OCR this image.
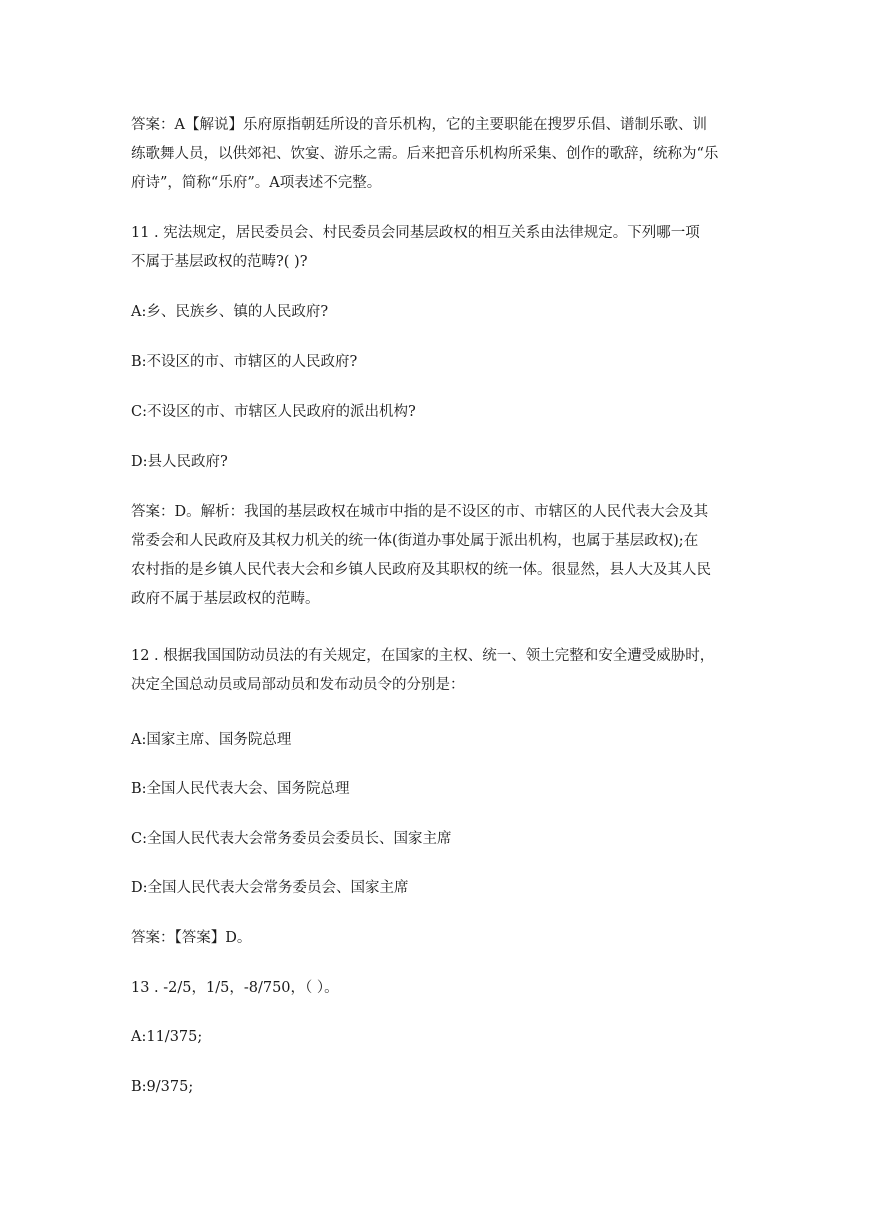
答案：A【解说】乐府原指朝廷所设的音乐机构，它的主要职能在搜罗乐倡、谱制乐歌、训
练歌舞人员，以供郊祀、饮宴、游乐之需。后来把音乐机构所采集、创作的歌辞，统称为“乐
府诗”，简称“乐府”。A项表述不完整。

11 . 宪法规定，居民委员会、村民委员会同基层政权的相互关系由法律规定。下列哪一项
不属于基层政权的范畴?( )?

A:乡、民族乡、镇的人民政府?

B:不设区的市、市辖区的人民政府?

C:不设区的市、市辖区人民政府的派出机构?

D:县人民政府?

答案：D。解析：我国的基层政权在城市中指的是不设区的市、市辖区的人民代表大会及其
常委会和人民政府及其权力机关的统一体(街道办事处属于派出机构，也属于基层政权);在
农村指的是乡镇人民代表大会和乡镇人民政府及其职权的统一体。很显然，县人大及其人民
政府不属于基层政权的范畴。

12 . 根据我国国防动员法的有关规定，在国家的主权、统一、领土完整和安全遭受威胁时，
决定全国总动员或局部动员和发布动员令的分别是：

A:国家主席、国务院总理

B:全国人民代表大会、国务院总理

C:全国人民代表大会常务委员会委员长、国家主席

D:全国人民代表大会常务委员会、国家主席

答案：【答案】D。

13 . -2/5，1/5，-8/750，（ ）。

A:11/375;

B:9/375;
